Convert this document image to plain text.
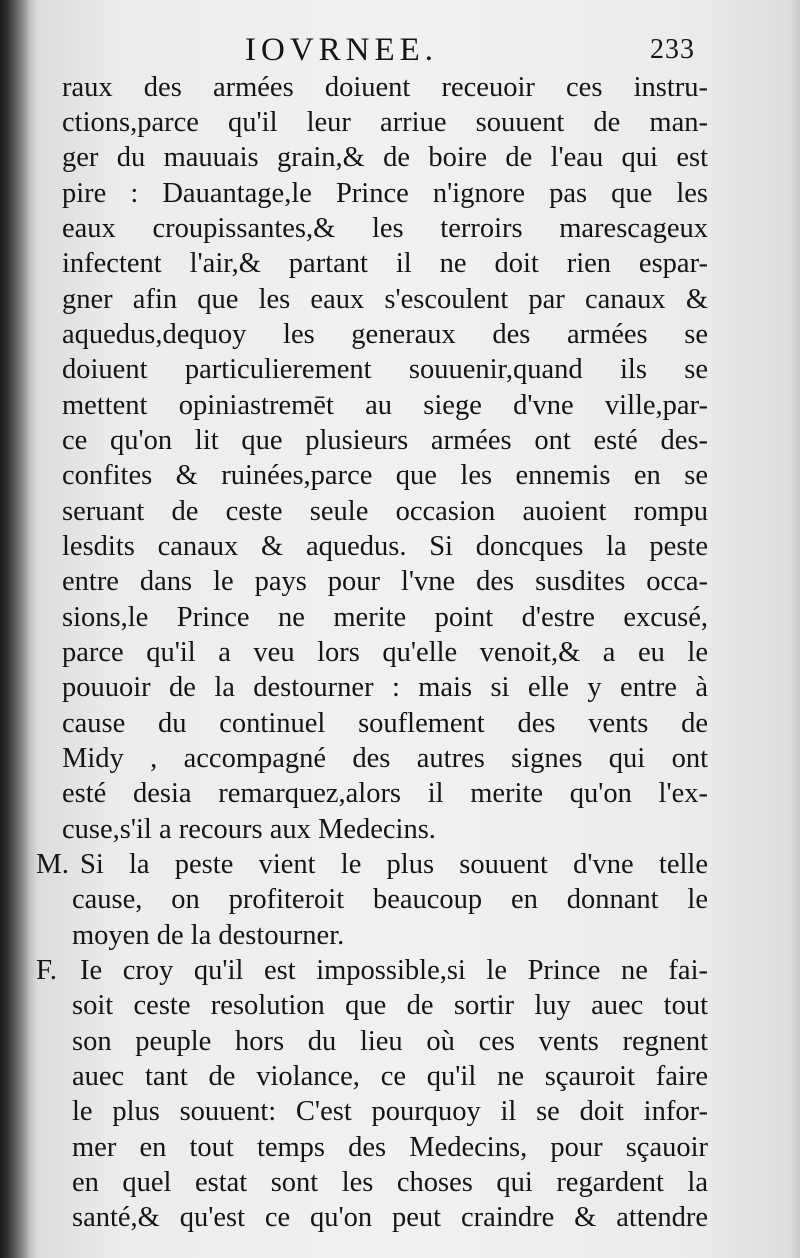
IOVRNEE.	233
raux des armées doiuent receuoir ces instru-
ctions,parce qu'il leur arriue souuent de man-
ger du mauuais grain,& de boire de l'eau qui est
pire : Dauantage,le Prince n'ignore pas que les
eaux croupissantes,& les terroirs marescageux
infectent l'air,& partant il ne doit rien espar-
gner afin que les eaux s'escoulent par canaux &
aquedus,dequoy les generaux des armées se
doiuent particulierement souuenir,quand ils se
mettent opiniastremēt au siege d'vne ville,par-
ce qu'on lit que plusieurs armées ont esté des-
confites & ruinées,parce que les ennemis en se
seruant de ceste seule occasion auoient rompu
lesdits canaux & aquedus. Si doncques la peste
entre dans le pays pour l'vne des susdites occa-
sions,le Prince ne merite point d'estre excusé,
parce qu'il a veu lors qu'elle venoit,& a eu le
pouuoir de la destourner : mais si elle y entre à
cause du continuel souflement des vents de
Midy , accompagné des autres signes qui ont
esté desia remarquez,alors il merite qu'on l'ex-
cuse,s'il a recours aux Medecins.
M. Si la peste vient le plus souuent d'vne telle
cause, on profiteroit beaucoup en donnant le
moyen de la destourner.
F. Ie croy qu'il est impossible,si le Prince ne fai-
soit ceste resolution que de sortir luy auec tout
son peuple hors du lieu où ces vents regnent
auec tant de violance, ce qu'il ne sçauroit faire
le plus souuent: C'est pourquoy il se doit infor-
mer en tout temps des Medecins, pour sçauoir
en quel estat sont les choses qui regardent la
santé,& qu'est ce qu'on peut craindre & attendre
